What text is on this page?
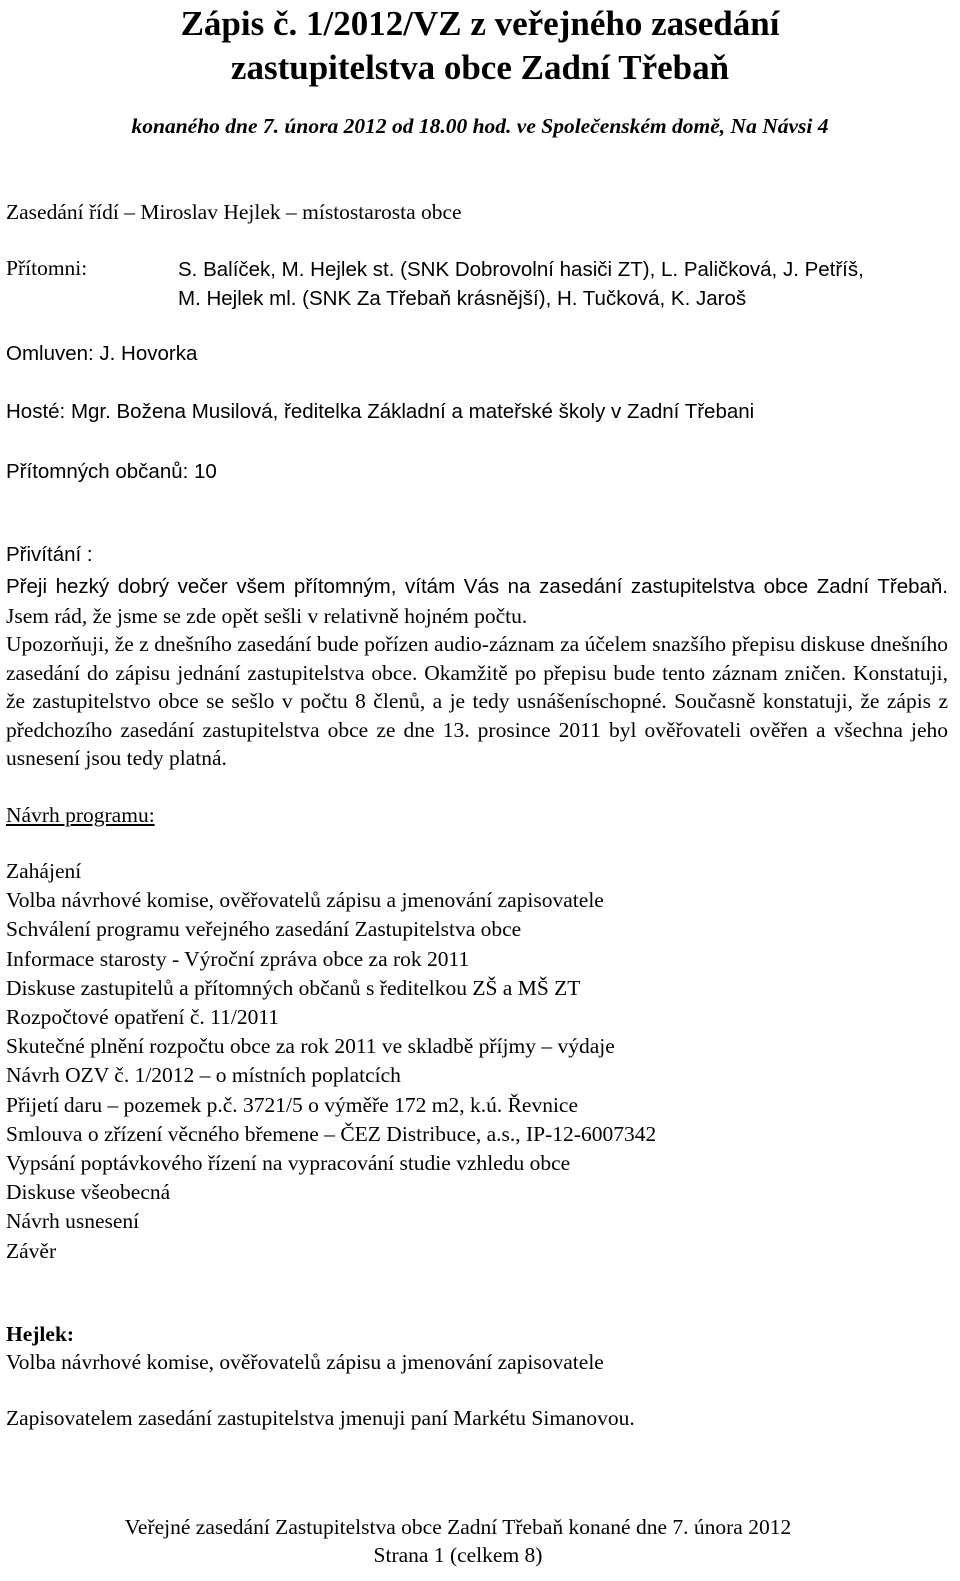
Zápis č. 1/2012/VZ z veřejného zasedání
zastupitelstva obce Zadní Třebaň
konaného dne 7. února 2012 od 18.00 hod. ve Společenském domě, Na Návsi 4
Zasedání řídí – Miroslav Hejlek – místostarosta obce
Přítomni:	S. Balíček, M. Hejlek st. (SNK Dobrovolní hasiči ZT), L. Paličková, J. Petříš,
M. Hejlek ml. (SNK Za Třebaň krásnější), H. Tučková, K. Jaroš
Omluven: J. Hovorka
Hosté: Mgr. Božena Musilová, ředitelka Základní a mateřské školy v Zadní Třebani
Přítomných občanů: 10
Přivítání :

Přeji hezký dobrý večer všem přítomným, vítám Vás na zasedání zastupitelstva obce Zadní Třebaň. Jsem rád, že jsme se zde opět sešli v relativně hojném počtu.

Upozorňuji, že z dnešního zasedání bude pořízen audio-záznam za účelem snazšího přepisu diskuse dnešního zasedání do zápisu jednání zastupitelstva obce. Okamžitě po přepisu bude tento záznam zničen. Konstatuji, že zastupitelstvo obce se sešlo v počtu 8 členů, a je tedy usnášeníschopné. Současně konstatuji, že zápis z předchozího zasedání zastupitelstva obce ze dne 13. prosince 2011 byl ověřovateli ověřen a všechna jeho usnesení jsou tedy platná.

Návrh programu:
Zahájení
Volba návrhové komise, ověřovatelů zápisu a jmenování zapisovatele
Schválení programu veřejného zasedání Zastupitelstva obce
Informace starosty - Výroční zpráva obce za rok 2011
Diskuse zastupitelů a přítomných občanů s ředitelkou ZŠ a MŠ ZT
Rozpočtové opatření č. 11/2011
Skutečné plnění rozpočtu obce za rok 2011 ve skladbě příjmy – výdaje
Návrh OZV č. 1/2012 – o místních poplatcích
Přijetí daru – pozemek p.č. 3721/5 o výměře 172 m2, k.ú. Řevnice
Smlouva o zřízení věcného břemene – ČEZ Distribuce, a.s., IP-12-6007342
Vypsání poptávkového řízení na vypracování studie vzhledu obce
Diskuse všeobecná
Návrh usnesení
Závěr
Hejlek:
Volba návrhové komise, ověřovatelů zápisu a jmenování zapisovatele
Zapisovatelem zasedání zastupitelstva jmenuji paní Markétu Simanovou.
Veřejné zasedání Zastupitelstva obce Zadní Třebaň konané dne 7. února 2012
Strana 1 (celkem 8)
